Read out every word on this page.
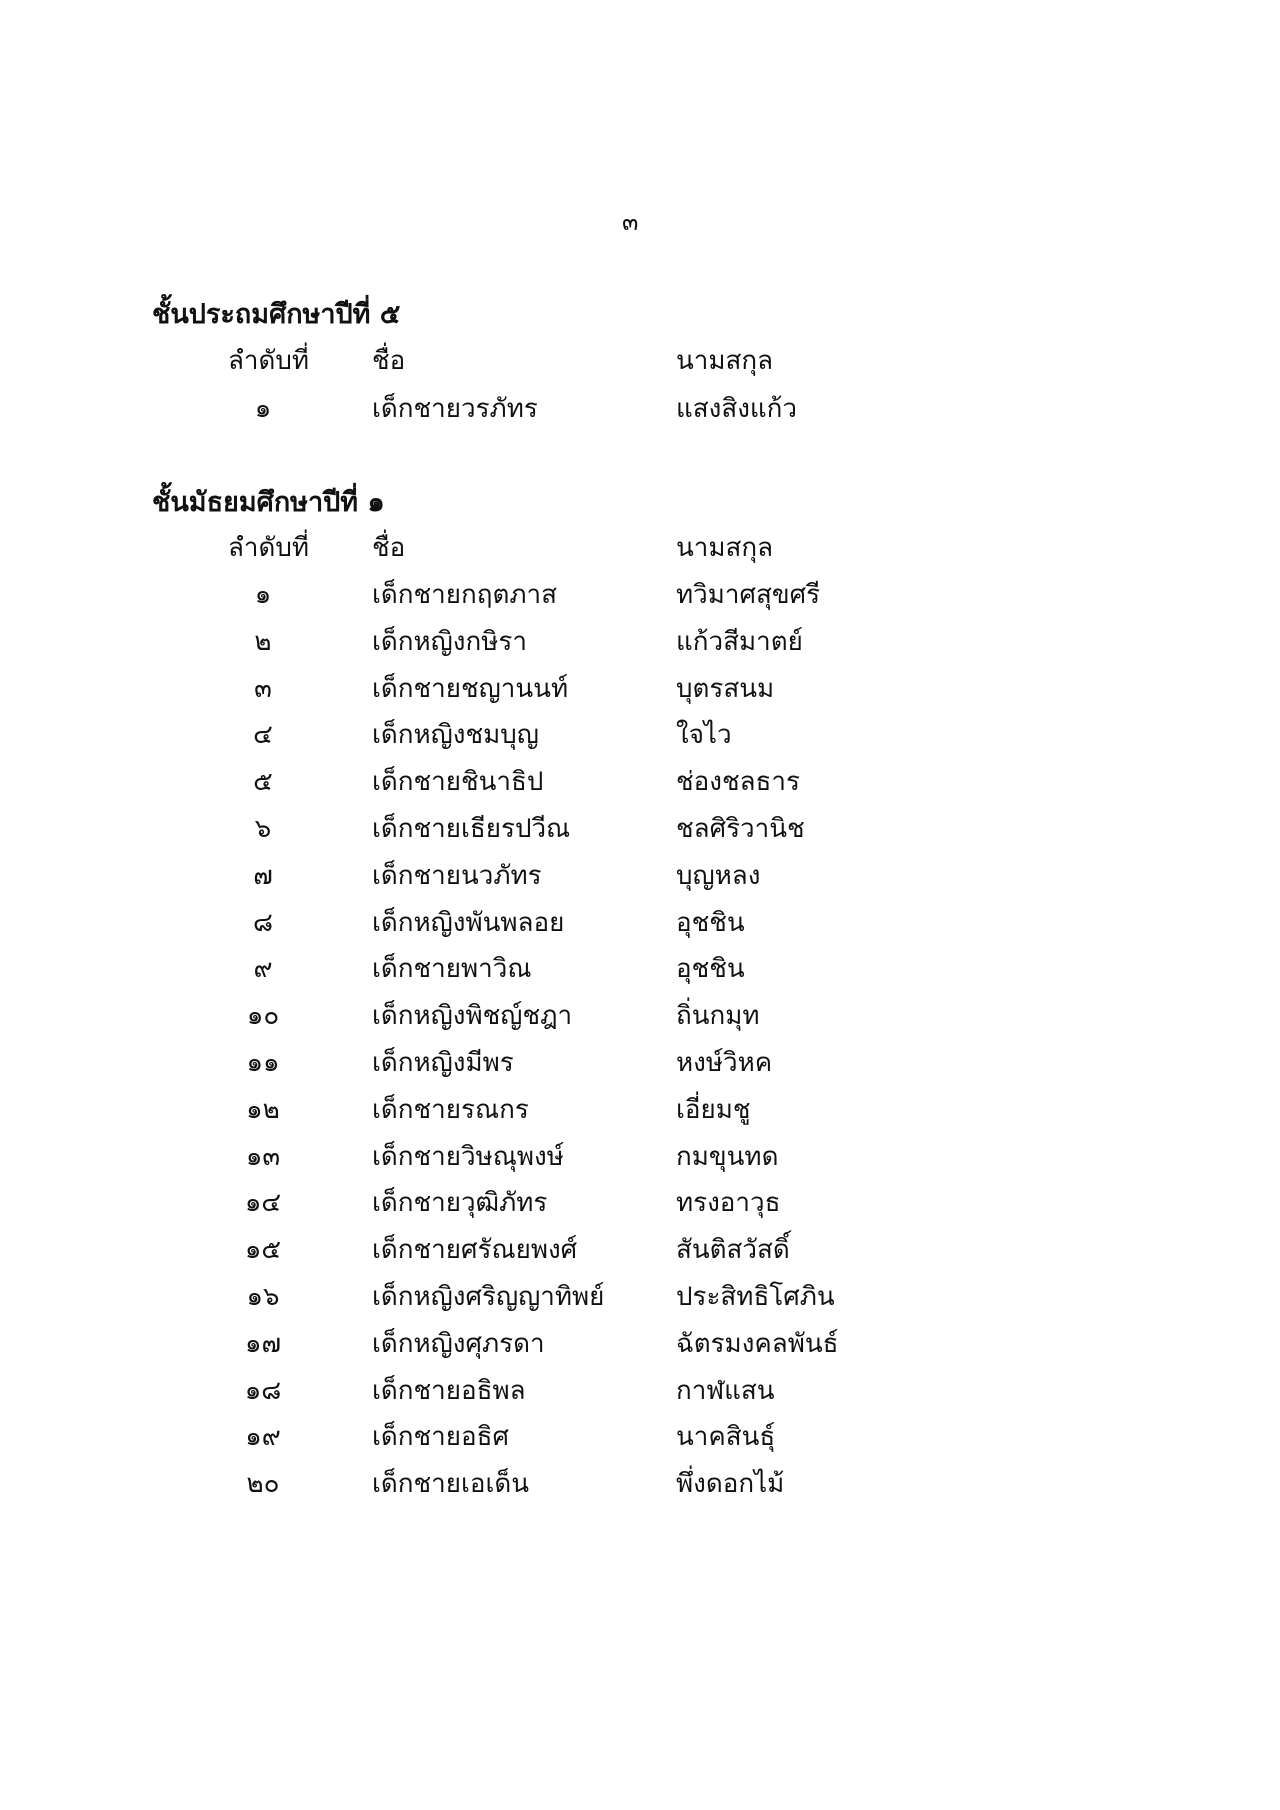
๓
ชั้นประถมศึกษาปีที่ ๕
ลำดับที่ ชื่อ	นามสกุล
๑	เด็กชายวรภัทร	แสงสิงแก้ว
ชั้นมัธยมศึกษาปีที่ ๑
ลำดับที่ ชื่อ	นามสกุล
๑	เด็กชายกฤตภาส	ทวิมาศสุขศรี
๒	เด็กหญิงกษิรา	แก้วสีมาตย์
๓	เด็กชายชญานนท์	บุตรสนม
๔	เด็กหญิงชมบุญ	ใจไว
๕	เด็กชายชินาธิป	ช่องชลธาร
๖	เด็กชายเธียรปวีณ	ชลศิริวานิช
๗	เด็กชายนวภัทร	บุญหลง
๘	เด็กหญิงพันพลอย	อุชชิน
๙	เด็กชายพาวิณ	อุชชิน
๑๐	เด็กหญิงพิชญ์ชฎา	ถิ่นกมุท
๑๑	เด็กหญิงมีพร	หงษ์วิหค
๑๒	เด็กชายรณกร	เอี่ยมชู
๑๓	เด็กชายวิษณุพงษ์	กมขุนทด
๑๔	เด็กชายวุฒิภัทร	ทรงอาวุธ
๑๕	เด็กชายศรัณยพงศ์	สันติสวัสดิ์
๑๖	เด็กหญิงศริญญาทิพย์	ประสิทธิโศภิน
๑๗	เด็กหญิงศุภรดา	ฉัตรมงคลพันธ์
๑๘	เด็กชายอธิพล	กาฬแสน
๑๙	เด็กชายอธิศ	นาคสินธุ์
๒๐	เด็กชายเอเด็น	พึ่งดอกไม้
